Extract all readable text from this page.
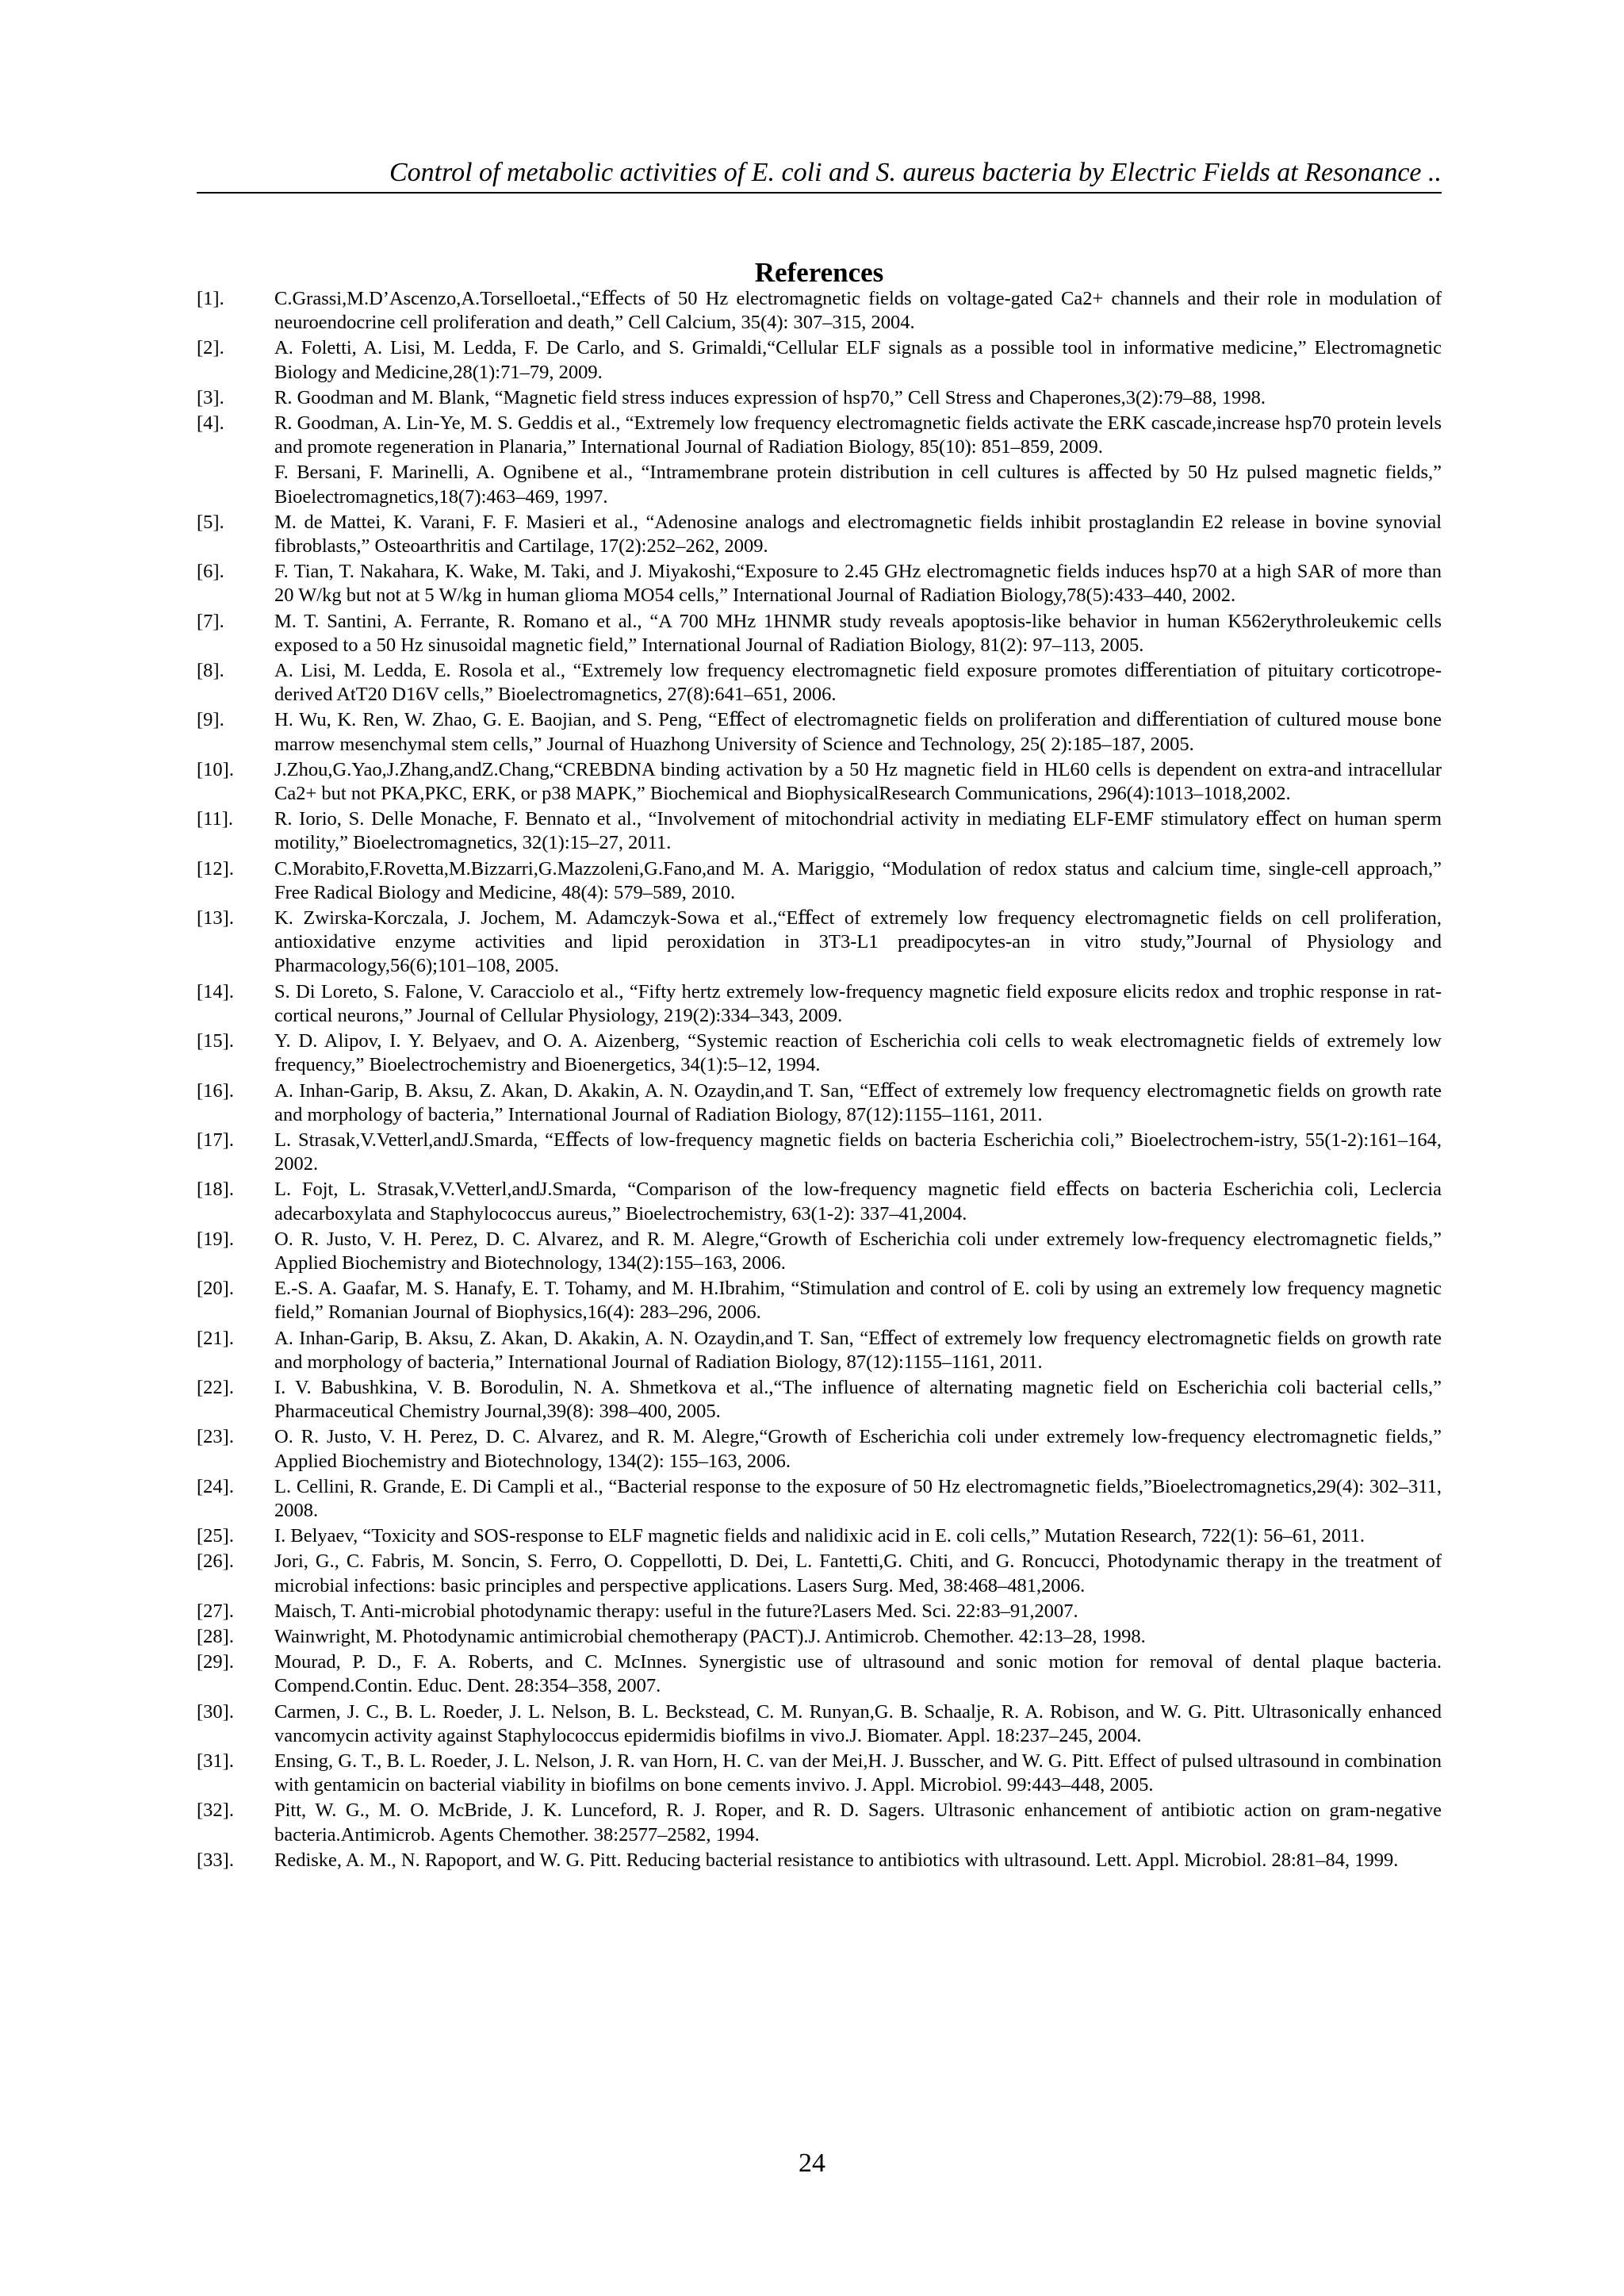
Control of metabolic activities of E. coli and S. aureus bacteria by Electric Fields at Resonance ..
References
[1].	C.Grassi,M.D’Ascenzo,A.Torselloetal.,“Eﬀects of 50 Hz electromagnetic fields on voltage-gated Ca2+ channels and their role in modulation of neuroendocrine cell proliferation and death,” Cell Calcium, 35(4): 307–315, 2004.
[2].	A. Foletti, A. Lisi, M. Ledda, F. De Carlo, and S. Grimaldi,“Cellular ELF signals as a possible tool in informative medicine,” Electromagnetic Biology and Medicine,28(1):71–79, 2009.
[3].	R. Goodman and M. Blank, “Magnetic field stress induces expression of hsp70,” Cell Stress and Chaperones,3(2):79–88, 1998.
[4].	R. Goodman, A. Lin-Ye, M. S. Geddis et al., “Extremely low frequency electromagnetic fields activate the ERK cascade,increase hsp70 protein levels and promote regeneration in Planaria,” International Journal of Radiation Biology, 85(10): 851–859, 2009.
F. Bersani, F. Marinelli, A. Ognibene et al., “Intramembrane protein distribution in cell cultures is aﬀected by 50 Hz pulsed magnetic fields,” Bioelectromagnetics,18(7):463–469, 1997.
[5].	M. de Mattei, K. Varani, F. F. Masieri et al., “Adenosine analogs and electromagnetic fields inhibit prostaglandin E2 release in bovine synovial fibroblasts,” Osteoarthritis and Cartilage, 17(2):252–262, 2009.
[6].	F. Tian, T. Nakahara, K. Wake, M. Taki, and J. Miyakoshi,“Exposure to 2.45 GHz electromagnetic fields induces hsp70 at a high SAR of more than 20 W/kg but not at 5 W/kg in human glioma MO54 cells,” International Journal of Radiation Biology,78(5):433–440, 2002.
[7].	M. T. Santini, A. Ferrante, R. Romano et al., “A 700 MHz 1HNMR study reveals apoptosis-like behavior in human K562erythroleukemic cells exposed to a 50 Hz sinusoidal magnetic field,” International Journal of Radiation Biology, 81(2): 97–113, 2005.
[8].	A. Lisi, M. Ledda, E. Rosola et al., “Extremely low frequency electromagnetic field exposure promotes diﬀerentiation of pituitary corticotrope-derived AtT20 D16V cells,” Bioelectromagnetics, 27(8):641–651, 2006.
[9].	H. Wu, K. Ren, W. Zhao, G. E. Baojian, and S. Peng, “Eﬀect of electromagnetic fields on proliferation and diﬀerentiation of cultured mouse bone marrow mesenchymal stem cells,” Journal of Huazhong University of Science and Technology, 25( 2):185–187, 2005.
[10].	J.Zhou,G.Yao,J.Zhang,andZ.Chang,“CREBDNA binding activation by a 50 Hz magnetic field in HL60 cells is dependent on extra-and intracellular Ca2+ but not PKA,PKC, ERK, or p38 MAPK,” Biochemical and BiophysicalResearch Communications, 296(4):1013–1018,2002.
[11].	R. Iorio, S. Delle Monache, F. Bennato et al., “Involvement of mitochondrial activity in mediating ELF-EMF stimulatory eﬀect on human sperm motility,” Bioelectromagnetics, 32(1):15–27, 2011.
[12].	C.Morabito,F.Rovetta,M.Bizzarri,G.Mazzoleni,G.Fano,and M. A. Mariggio, “Modulation of redox status and calcium time, single-cell approach,” Free Radical Biology and Medicine, 48(4): 579–589, 2010.
[13].	K. Zwirska-Korczala, J. Jochem, M. Adamczyk-Sowa et al.,“Eﬀect of extremely low frequency electromagnetic fields on cell proliferation, antioxidative enzyme activities and lipid peroxidation in 3T3-L1 preadipocytes-an in vitro study,”Journal of Physiology and Pharmacology,56(6);101–108, 2005.
[14].	S. Di Loreto, S. Falone, V. Caracciolo et al., “Fifty hertz extremely low-frequency magnetic field exposure elicits redox and trophic response in rat-cortical neurons,” Journal of Cellular Physiology, 219(2):334–343, 2009.
[15].	Y. D. Alipov, I. Y. Belyaev, and O. A. Aizenberg, “Systemic reaction of Escherichia coli cells to weak electromagnetic fields of extremely low frequency,” Bioelectrochemistry and Bioenergetics, 34(1):5–12, 1994.
[16].	A. Inhan-Garip, B. Aksu, Z. Akan, D. Akakin, A. N. Ozaydin,and T. San, “Eﬀect of extremely low frequency electromagnetic fields on growth rate and morphology of bacteria,” International Journal of Radiation Biology, 87(12):1155–1161, 2011.
[17].	L. Strasak,V.Vetterl,andJ.Smarda, “Eﬀects of low-frequency magnetic fields on bacteria Escherichia coli,” Bioelectrochem-istry, 55(1-2):161–164, 2002.
[18].	L. Fojt, L. Strasak,V.Vetterl,andJ.Smarda, “Comparison of the low-frequency magnetic field eﬀects on bacteria Escherichia coli, Leclercia adecarboxylata and Staphylococcus aureus,” Bioelectrochemistry, 63(1-2): 337–41,2004.
[19].	O. R. Justo, V. H. Perez, D. C. Alvarez, and R. M. Alegre,“Growth of Escherichia coli under extremely low-frequency electromagnetic fields,” Applied Biochemistry and Biotechnology, 134(2):155–163, 2006.
[20].	E.-S. A. Gaafar, M. S. Hanafy, E. T. Tohamy, and M. H.Ibrahim, “Stimulation and control of E. coli by using an extremely low frequency magnetic field,” Romanian Journal of Biophysics,16(4): 283–296, 2006.
[21].	A. Inhan-Garip, B. Aksu, Z. Akan, D. Akakin, A. N. Ozaydin,and T. San, “Eﬀect of extremely low frequency electromagnetic fields on growth rate and morphology of bacteria,” International Journal of Radiation Biology, 87(12):1155–1161, 2011.
[22].	I. V. Babushkina, V. B. Borodulin, N. A. Shmetkova et al.,“The influence of alternating magnetic field on Escherichia coli bacterial cells,” Pharmaceutical Chemistry Journal,39(8): 398–400, 2005.
[23].	O. R. Justo, V. H. Perez, D. C. Alvarez, and R. M. Alegre,“Growth of Escherichia coli under extremely low-frequency electromagnetic fields,” Applied Biochemistry and Biotechnology, 134(2): 155–163, 2006.
[24].	L. Cellini, R. Grande, E. Di Campli et al., “Bacterial response to the exposure of 50 Hz electromagnetic fields,”Bioelectromagnetics,29(4): 302–311, 2008.
[25].	I. Belyaev, “Toxicity and SOS-response to ELF magnetic fields and nalidixic acid in E. coli cells,” Mutation Research, 722(1): 56–61, 2011.
[26].	Jori, G., C. Fabris, M. Soncin, S. Ferro, O. Coppellotti, D. Dei, L. Fantetti,G. Chiti, and G. Roncucci, Photodynamic therapy in the treatment of microbial infections: basic principles and perspective applications. Lasers Surg. Med, 38:468–481,2006.
[27].	Maisch, T. Anti-microbial photodynamic therapy: useful in the future?Lasers Med. Sci. 22:83–91,2007.
[28].	Wainwright, M. Photodynamic antimicrobial chemotherapy (PACT).J. Antimicrob. Chemother. 42:13–28, 1998.
[29].	Mourad, P. D., F. A. Roberts, and C. McInnes. Synergistic use of ultrasound and sonic motion for removal of dental plaque bacteria. Compend.Contin. Educ. Dent. 28:354–358, 2007.
[30].	Carmen, J. C., B. L. Roeder, J. L. Nelson, B. L. Beckstead, C. M. Runyan,G. B. Schaalje, R. A. Robison, and W. G. Pitt. Ultrasonically enhanced vancomycin activity against Staphylococcus epidermidis biofilms in vivo.J. Biomater. Appl. 18:237–245, 2004.
[31].	Ensing, G. T., B. L. Roeder, J. L. Nelson, J. R. van Horn, H. C. van der Mei,H. J. Busscher, and W. G. Pitt. Effect of pulsed ultrasound in combination with gentamicin on bacterial viability in biofilms on bone cements invivo. J. Appl. Microbiol. 99:443–448, 2005.
[32].	Pitt, W. G., M. O. McBride, J. K. Lunceford, R. J. Roper, and R. D. Sagers. Ultrasonic enhancement of antibiotic action on gram-negative bacteria.Antimicrob. Agents Chemother. 38:2577–2582, 1994.
[33].	Rediske, A. M., N. Rapoport, and W. G. Pitt. Reducing bacterial resistance to antibiotics with ultrasound. Lett. Appl. Microbiol. 28:81–84, 1999.
24
